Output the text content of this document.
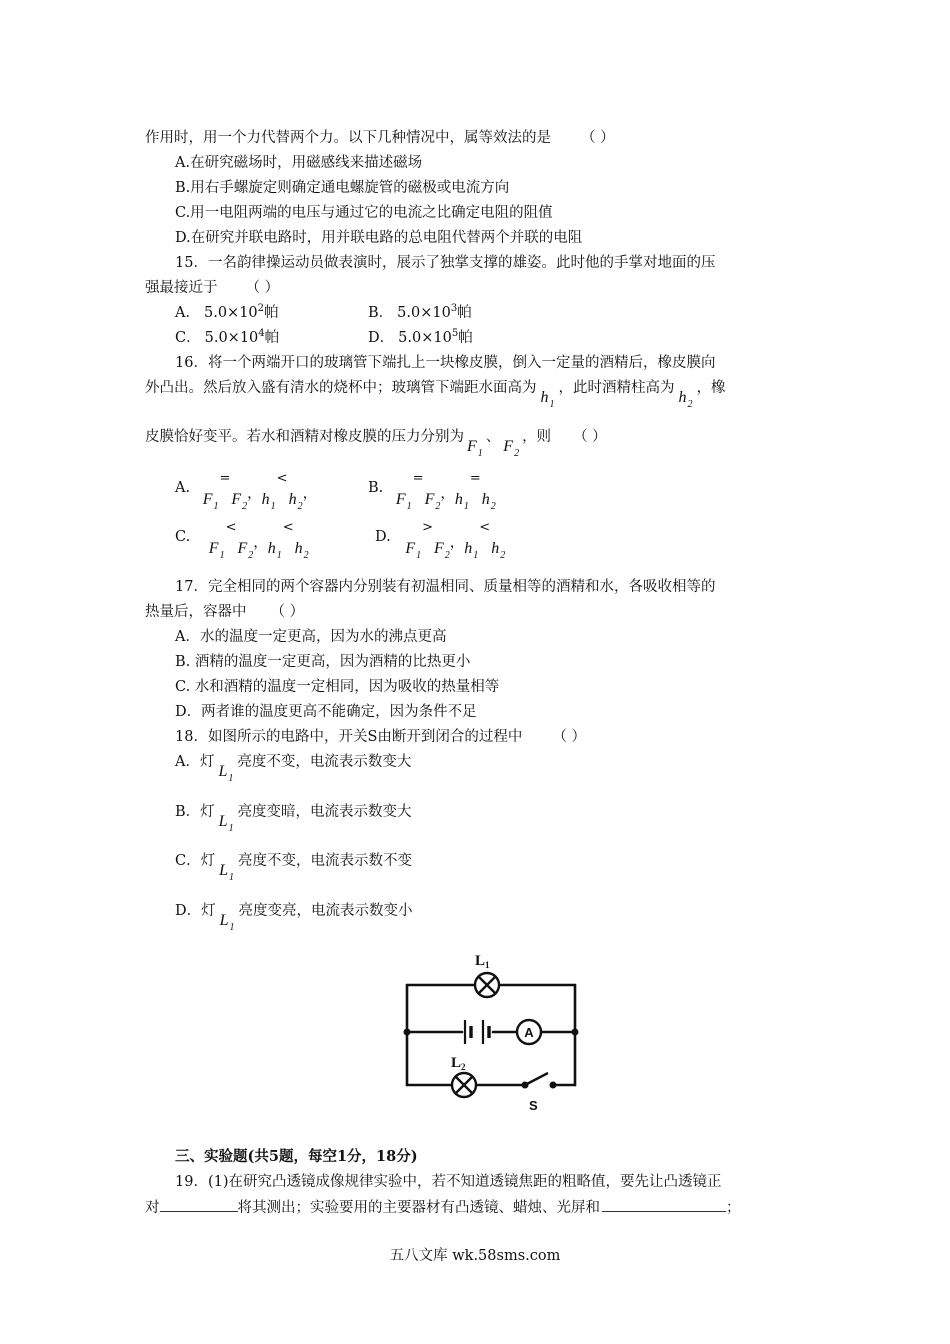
作用时，用一个力代替两个力。以下几种情况中，属等效法的是 （ ）
A.在研究磁场时，用磁感线来描述磁场
B.用右手螺旋定则确定通电螺旋管的磁极或电流方向
C.用一电阻两端的电压与通过它的电流之比确定电阻的阻值
D.在研究并联电路时，用并联电路的总电阻代替两个并联的电阻
15．一名韵律操运动员做表演时，展示了独掌支撑的雄姿。此时他的手掌对地面的压
强最接近于 （ ）
A． $5.0\times 10^2$帕	B． $5.0\times 10^3$帕
C． $5.0\times 10^4$帕	D． $5.0\times 10^5$帕
16．将一个两端开口的玻璃管下端扎上一块橡皮膜，倒入一定量的酒精后，橡皮膜向
外凸出。然后放入盛有清水的烧杯中；玻璃管下端距水面高为$h_1$，此时酒精柱高为$h_2$，橡
皮膜恰好变平。若水和酒精对橡皮膜的压力分别为$F_1$、$F_2$，则 （ ）
A. $F_1=F_2$，$h_1<h_2$，	B. $F_1=F_2$，$h_1=h_2$
C. $F_1<F_2$，$h_1<h_2$
D. $F_1>F_2$，$h_1<h_2$
17．完全相同的两个容器内分别装有初温相同、质量相等的酒精和水，各吸收相等的
热量后，容器中 （ ）
A．水的温度一定更高，因为水的沸点更高
B. 酒精的温度一定更高，因为酒精的比热更小
C. 水和酒精的温度一定相同，因为吸收的热量相等
D．两者谁的温度更高不能确定，因为条件不足
18．如图所示的电路中，开关S由断开到闭合的过程中 （ ）
A．灯$L_1$亮度不变，电流表示数变大
B．灯$L_1$亮度变暗，电流表示数变大
C．灯$L_1$亮度不变，电流表示数不变
D．灯$L_1$亮度变亮，电流表示数变小
A
$L_1$
$L_2$
S
三、实验题(共5题，每空1分，18分)
19．(1)在研究凸透镜成像规律实验中，若不知道透镜焦距的粗略值，要先让凸透镜正
对	将其测出；实验要用的主要器材有凸透镜、蜡烛、光屏和	；
五八文库 wk.58sms.com
